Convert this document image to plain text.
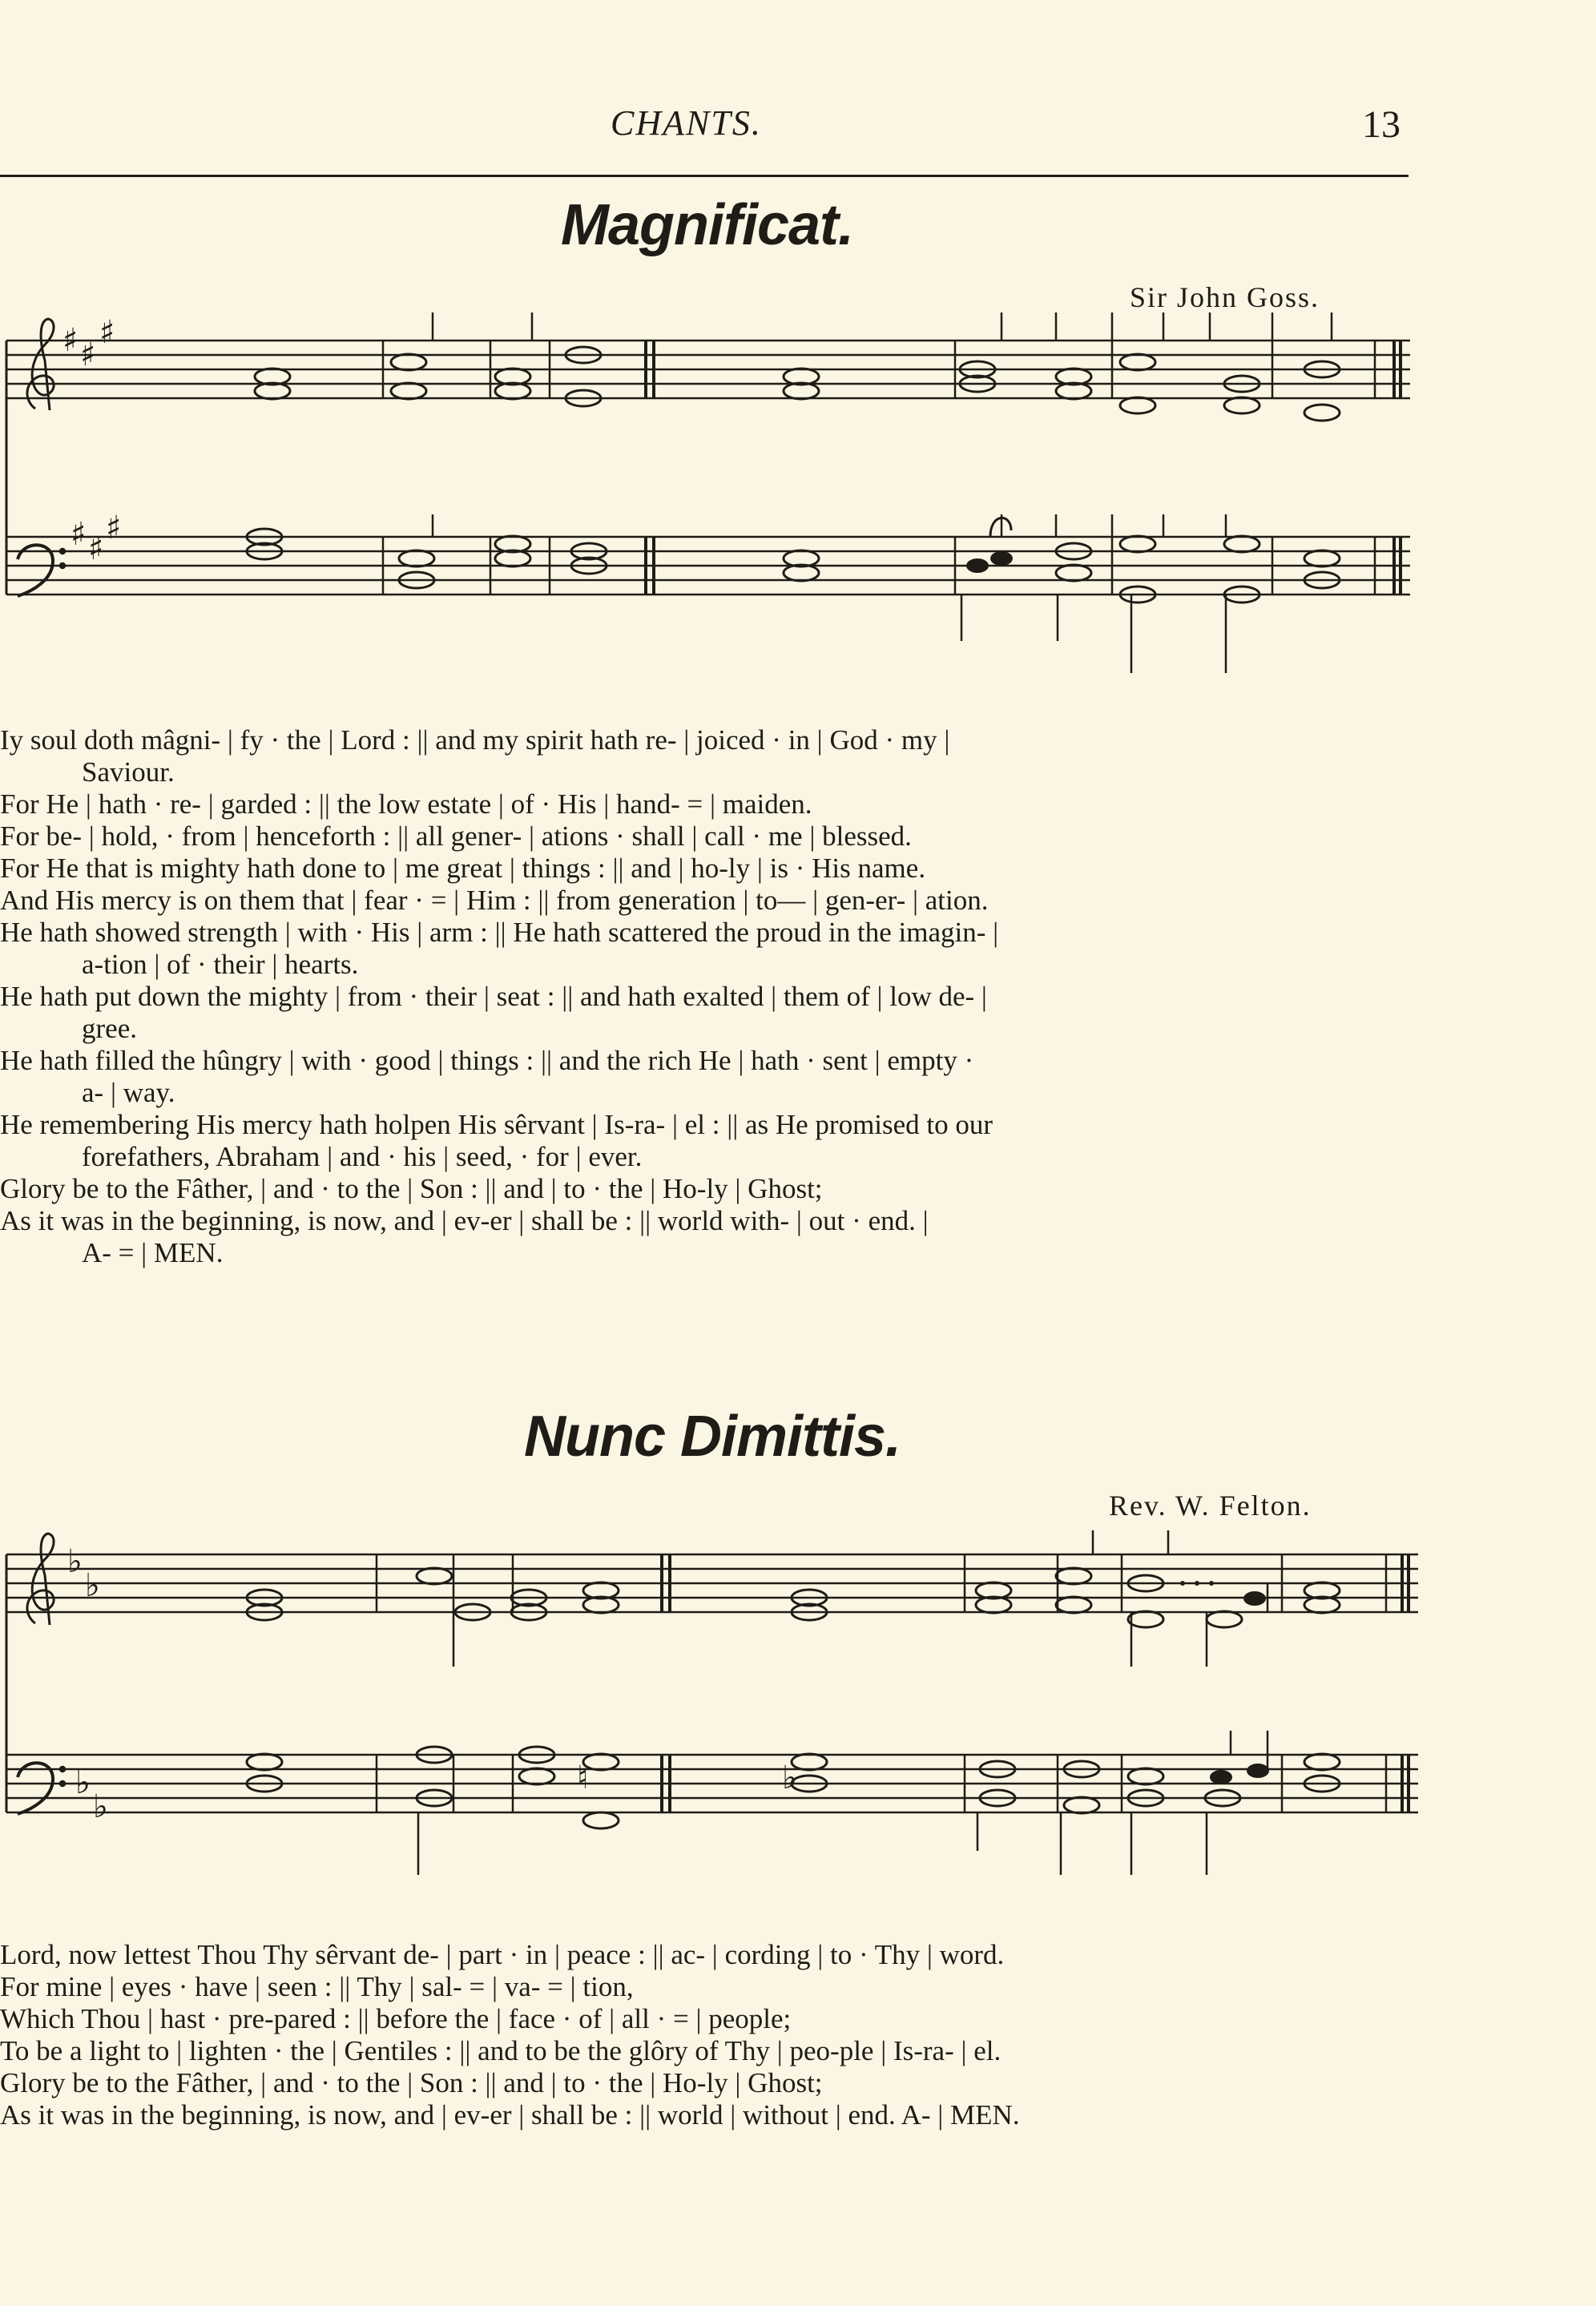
CHANTS.	13
Magnificat.
Sir John Goss.
♯ ♯
♯
♯ ♯
♯

Iy soul doth mâgni- | fy · the | Lord : || and my spirit hath re- | joiced · in | God · my |

Saviour.

For He | hath · re- | garded : || the low estate | of · His | hand- = | maiden.

For be- | hold, · from | henceforth : || all gener- | ations · shall | call · me | blessed.

For He that is mighty hath done to | me great | things : || and | ho-ly | is · His name.

And His mercy is on them that | fear · = | Him : || from generation | to— | gen-er- | ation.

He hath showed strength | with · His | arm : || He hath scattered the proud in the imagin- |

a-tion | of · their | hearts.

He hath put down the mighty | from · their | seat : || and hath exalted | them of | low de- |

gree.

He hath filled the hûngry | with · good | things : || and the rich He | hath · sent | empty ·

a- | way.

He remembering His mercy hath holpen His sêrvant | Is-ra- | el : || as He promised to our

forefathers, Abraham | and · his | seed, · for | ever.

Glory be to the Fâther, | and · to the | Son : || and | to · the | Ho-ly | Ghost;

As it was in the beginning, is now, and | ev-er | shall be : || world with- | out · end. |

A- = | MEN.

Nunc Dimittis.
Rev. W. Felton.
♭
♭
♭
♭
♮	♭

Lord, now lettest Thou Thy sêrvant de- | part · in | peace : || ac- | cording | to · Thy | word.

For mine | eyes · have | seen : || Thy | sal- = | va- = | tion,

Which Thou | hast · pre-pared : || before the | face · of | all · = | people;

To be a light to | lighten · the | Gentiles : || and to be the glôry of Thy | peo-ple | Is-ra- | el.

Glory be to the Fâther, | and · to the | Son : || and | to · the | Ho-ly | Ghost;

As it was in the beginning, is now, and | ev-er | shall be : || world | without | end. A- | MEN.
